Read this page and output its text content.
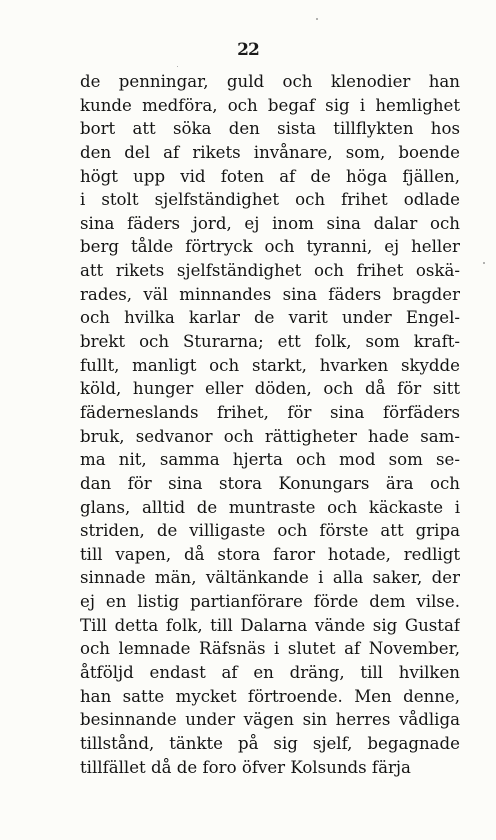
22
de penningar, guld och klenodier han
kunde medföra, och begaf sig i hemlighet
bort att söka den sista tillflykten hos
den del af rikets invånare, som, boende
högt upp vid foten af de höga fjällen,
i stolt sjelfständighet och frihet odlade
sina fäders jord, ej inom sina dalar och
berg tålde förtryck och tyranni, ej heller
att rikets sjelfständighet och frihet oskä-
rades, väl minnandes sina fäders bragder
och hvilka karlar de varit under Engel-
brekt och Sturarna; ett folk, som kraft-
fullt, manligt och starkt, hvarken skydde
köld, hunger eller döden, och då för sitt
fäderneslands frihet, för sina förfäders
bruk, sedvanor och rättigheter hade sam-
ma nit, samma hjerta och mod som se-
dan för sina stora Konungars ära och
glans, alltid de muntraste och käckaste i
striden, de villigaste och förste att gripa
till vapen, då stora faror hotade, redligt
sinnade män, vältänkande i alla saker, der
ej en listig partianförare förde dem vilse.
Till detta folk, till Dalarna vände sig Gustaf
och lemnade Räfsnäs i slutet af November,
åtföljd endast af en dräng, till hvilken
han satte mycket förtroende. Men denne,
besinnande under vägen sin herres vådliga
tillstånd, tänkte på sig sjelf, begagnade
tillfället då de foro öfver Kolsunds färja
